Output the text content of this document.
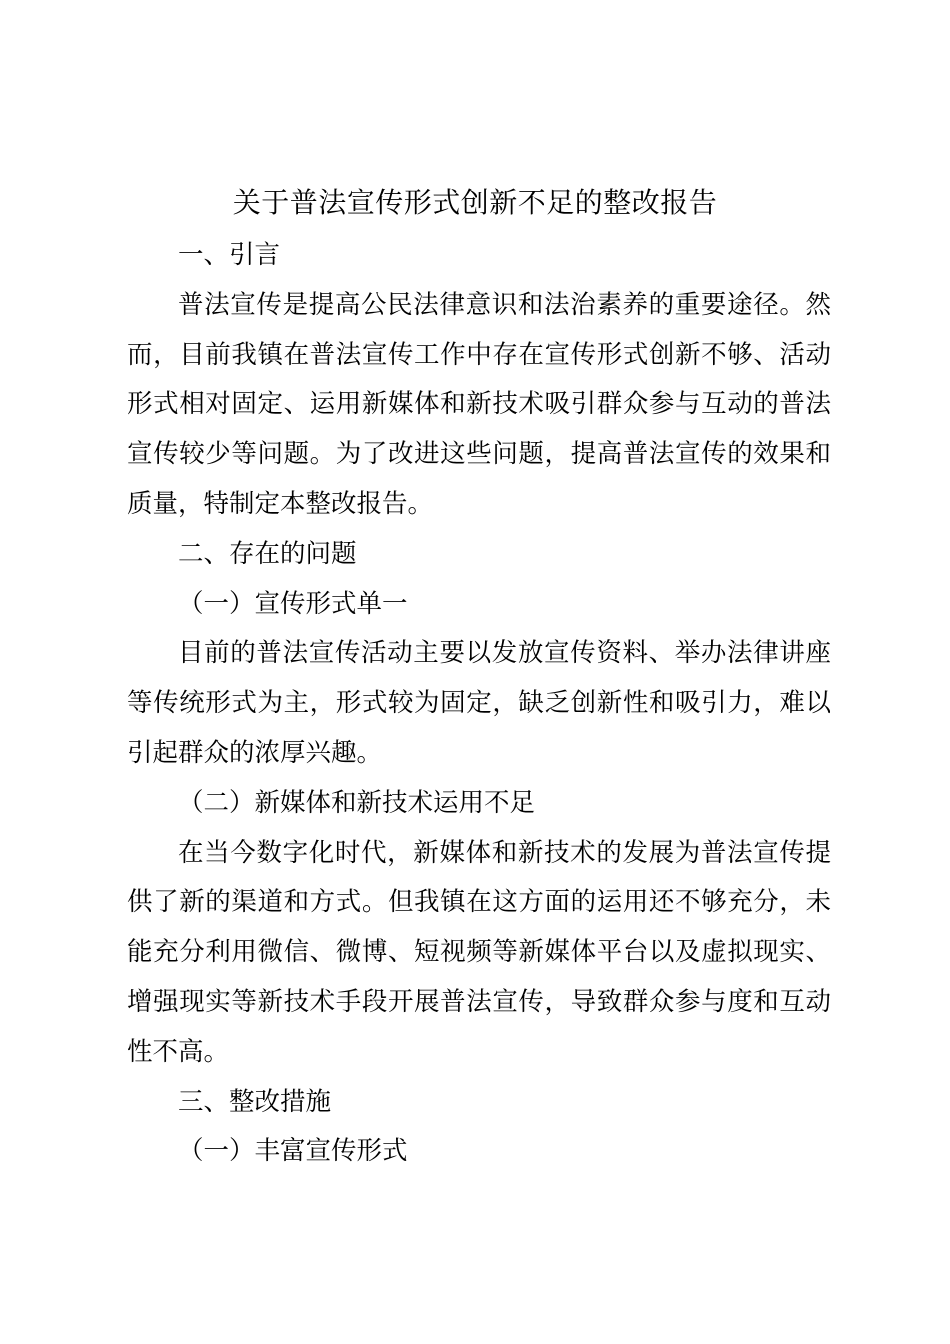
关于普法宣传形式创新不足的整改报告

一、引言

普法宣传是提高公民法律意识和法治素养的重要途径。然而，目前我镇在普法宣传工作中存在宣传形式创新不够、活动形式相对固定、运用新媒体和新技术吸引群众参与互动的普法宣传较少等问题。为了改进这些问题，提高普法宣传的效果和质量，特制定本整改报告。

二、存在的问题

（一）宣传形式单一

目前的普法宣传活动主要以发放宣传资料、举办法律讲座等传统形式为主，形式较为固定，缺乏创新性和吸引力，难以引起群众的浓厚兴趣。

（二）新媒体和新技术运用不足

在当今数字化时代，新媒体和新技术的发展为普法宣传提供了新的渠道和方式。但我镇在这方面的运用还不够充分，未能充分利用微信、微博、短视频等新媒体平台以及虚拟现实、增强现实等新技术手段开展普法宣传，导致群众参与度和互动性不高。

三、整改措施

（一）丰富宣传形式
